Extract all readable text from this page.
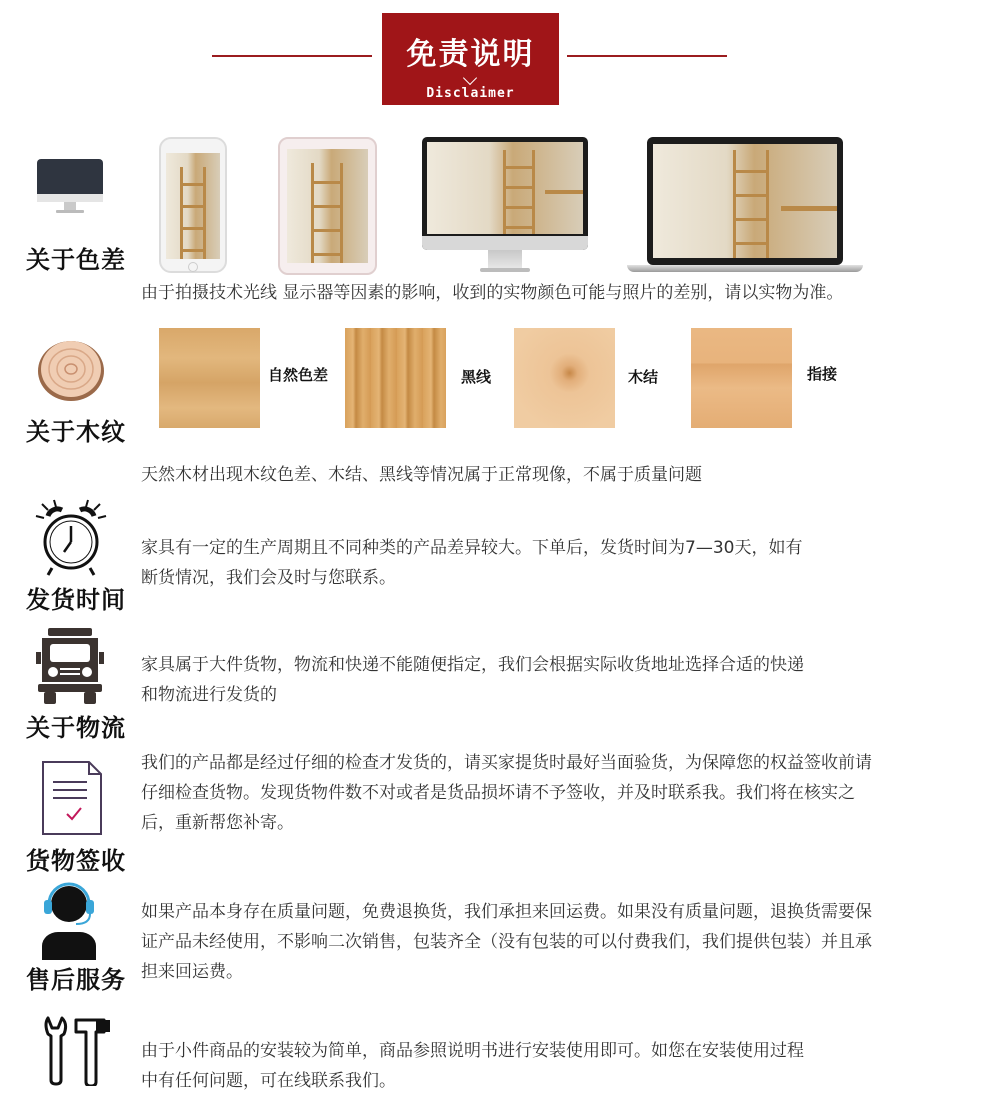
免责说明
Disclaimer
关于色差
由于拍摄技术光线 显示器等因素的影响，收到的实物颜色可能与照片的差别，请以实物为准。
关于木纹
自然色差	黑线	木结	指接
天然木材出现木纹色差、木结、黑线等情况属于正常现像，不属于质量问题
发货时间
家具有一定的生产周期且不同种类的产品差异较大。下单后，发货时间为7—30天，如有
断货情况，我们会及时与您联系。
关于物流
家具属于大件货物，物流和快递不能随便指定，我们会根据实际收货地址选择合适的快递
和物流进行发货的
货物签收
我们的产品都是经过仔细的检查才发货的，请买家提货时最好当面验货，为保障您的权益签收前请
仔细检查货物。发现货物件数不对或者是货品损坏请不予签收，并及时联系我。我们将在核实之
后，重新帮您补寄。
售后服务
如果产品本身存在质量问题，免费退换货，我们承担来回运费。如果没有质量问题，退换货需要保
证产品未经使用，不影响二次销售，包装齐全（没有包装的可以付费我们，我们提供包装）并且承
担来回运费。
由于小件商品的安装较为简单，商品参照说明书进行安装使用即可。如您在安装使用过程
中有任何问题，可在线联系我们。
